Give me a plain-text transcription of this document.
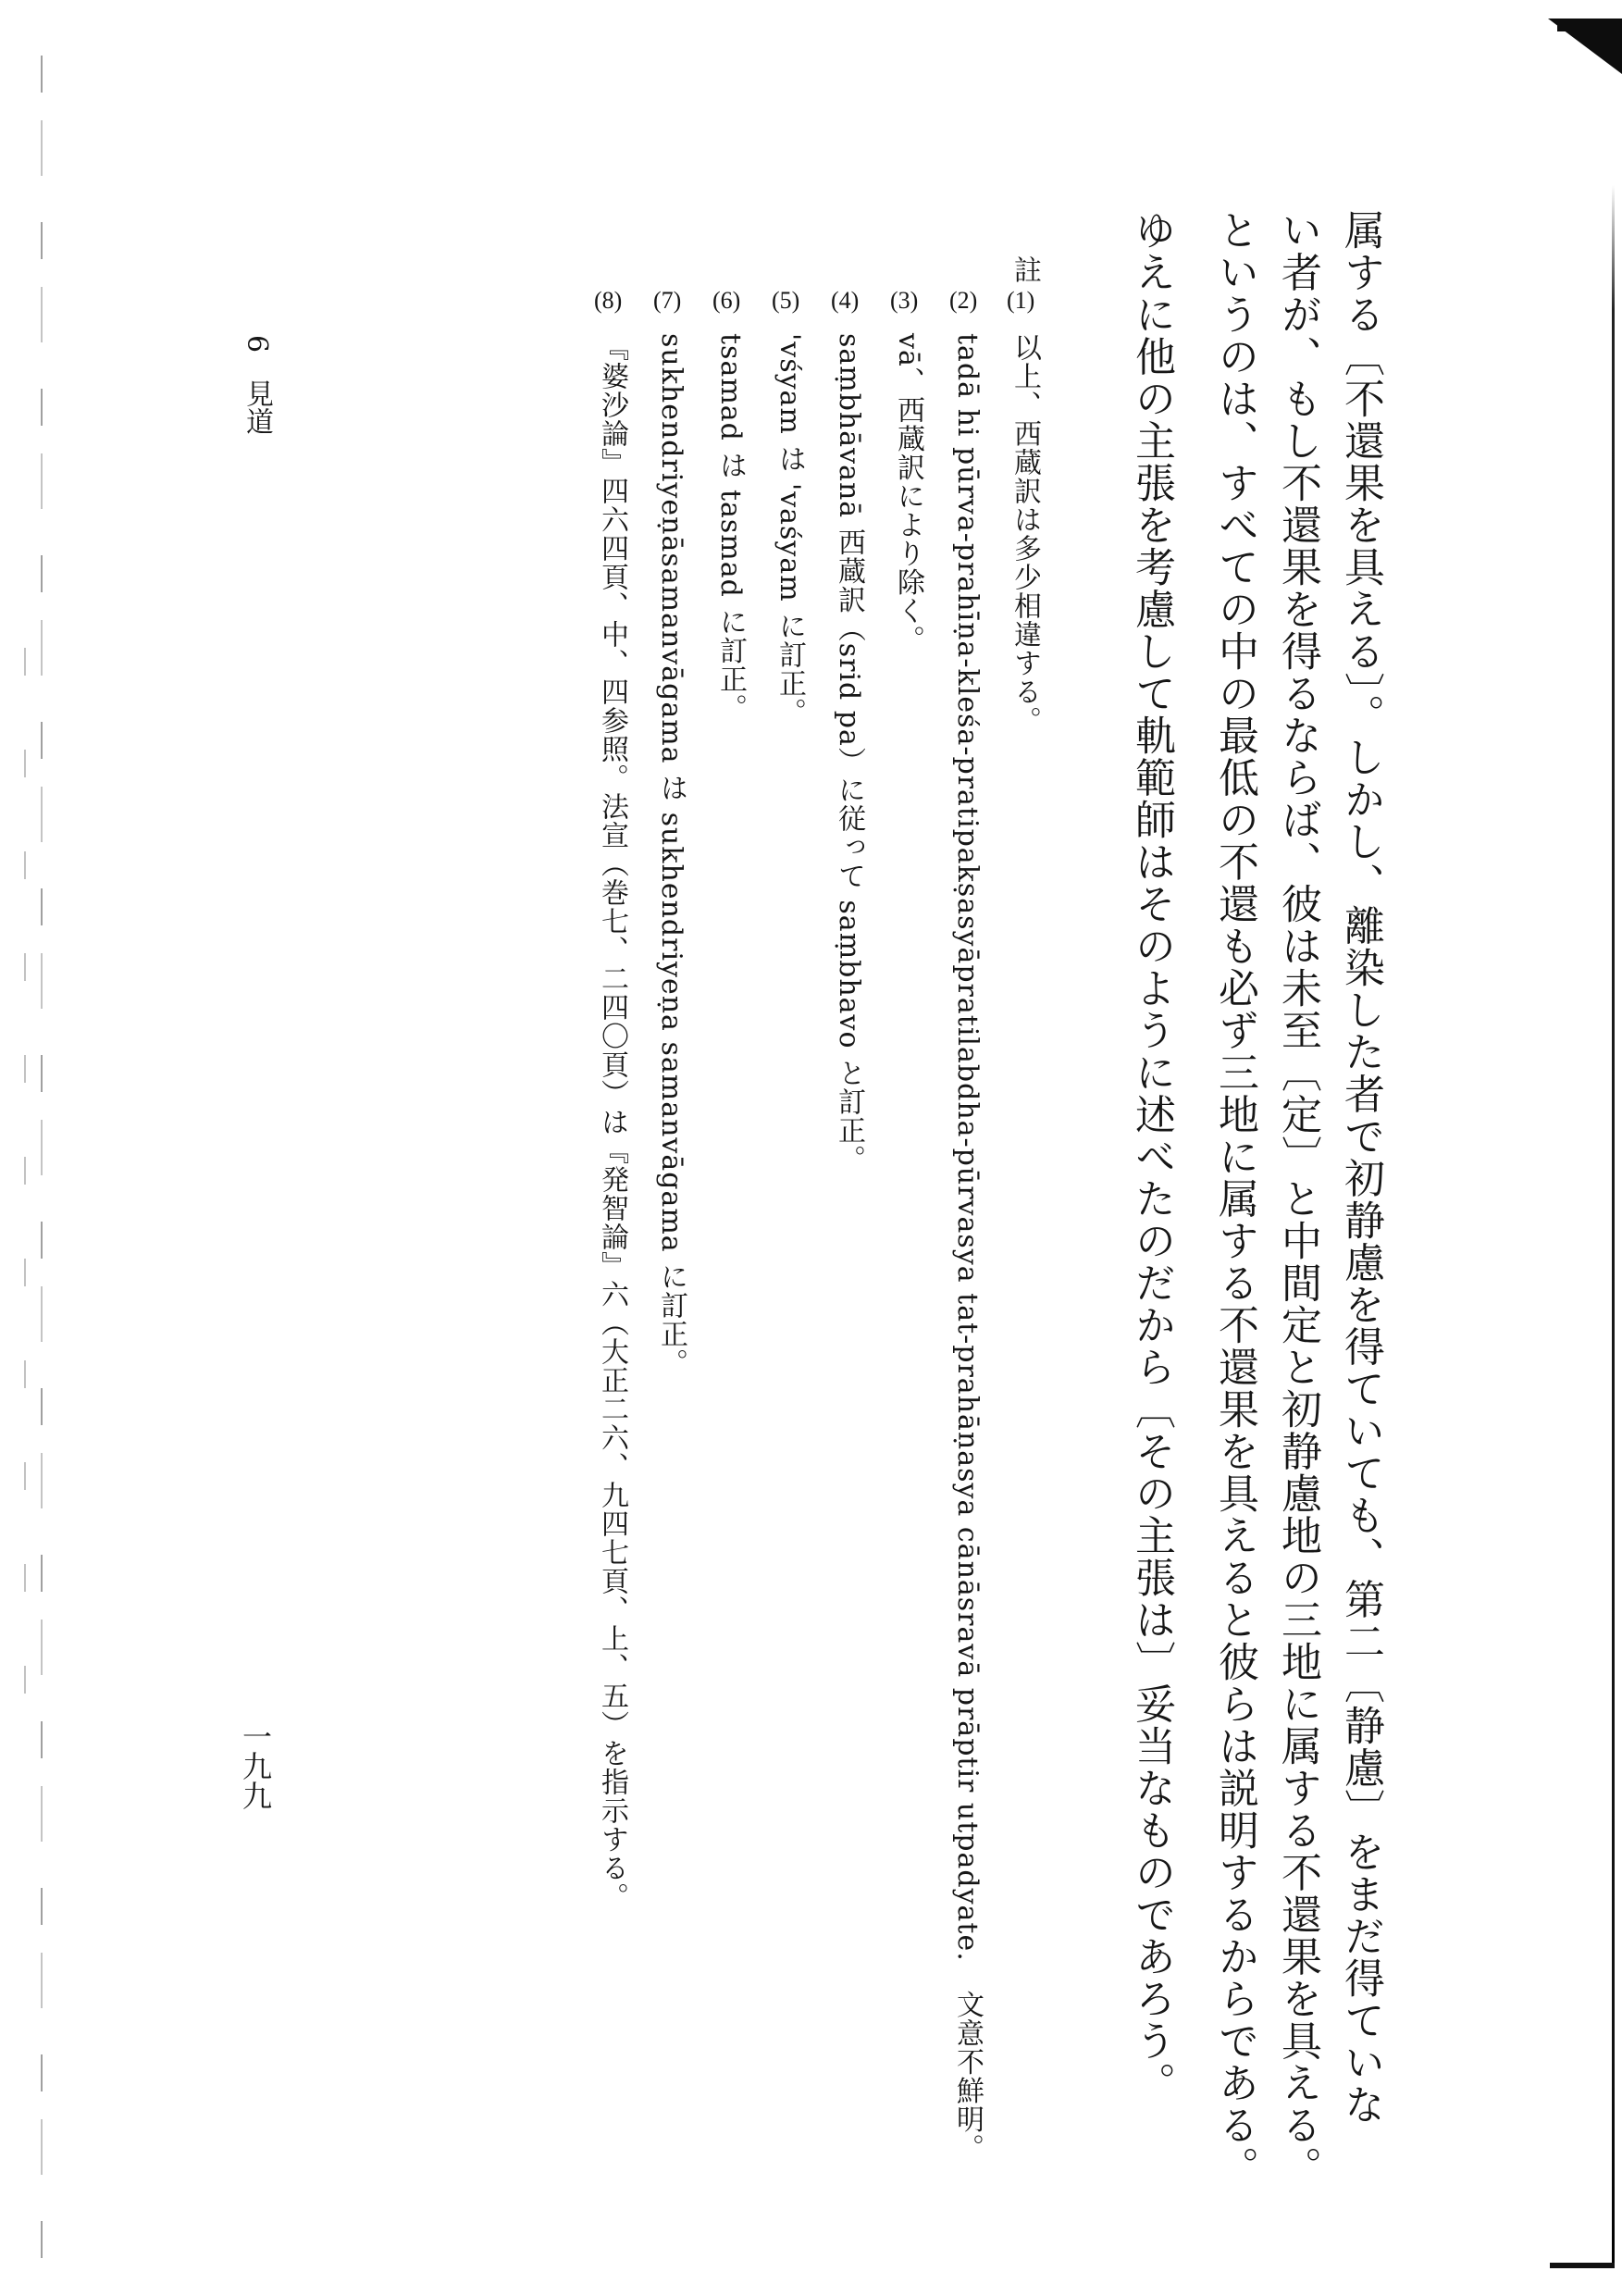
属する〔不還果を具える〕。しかし、離染した者で初静慮を得ていても、第二〔静慮〕をまだ得ていな
い者が、もし不還果を得るならば、彼は未至〔定〕と中間定と初静慮地の三地に属する不還果を具える。
というのは、すべての中の最低の不還も必ず三地に属する不還果を具えると彼らは説明するからである。
ゆえに他の主張を考慮して軌範師はそのように述べたのだから〔その主張は〕妥当なものであろう。
註
(1)
以上、西蔵訳は多少相違する。
(2)
tadā hi pūrva-prahīṇa-kleśa-pratipakṣasyāpratilabdha-pūrvasya tat-prahāṇasya cānāsravā prāptir utpadyate.　文意不鮮明。
(3)
vā、西蔵訳により除く。
(4)
saṃbhāvanā 西蔵訳（srid pa）に従って saṃbhavo と訂正。
(5)
'vśyam は 'vaśyam に訂正。
(6)
tsamad は tasmad に訂正。
(7)
sukhendriyeṇāsamanvāgama は sukhendriyeṇa samanvāgama に訂正。
(8)
『婆沙論』四六四頁、中、四参照。法宣（巻七、二四〇頁）は『発智論』六（大正二六、九四七頁、上、五）を指示する。
6
見道
一九九
